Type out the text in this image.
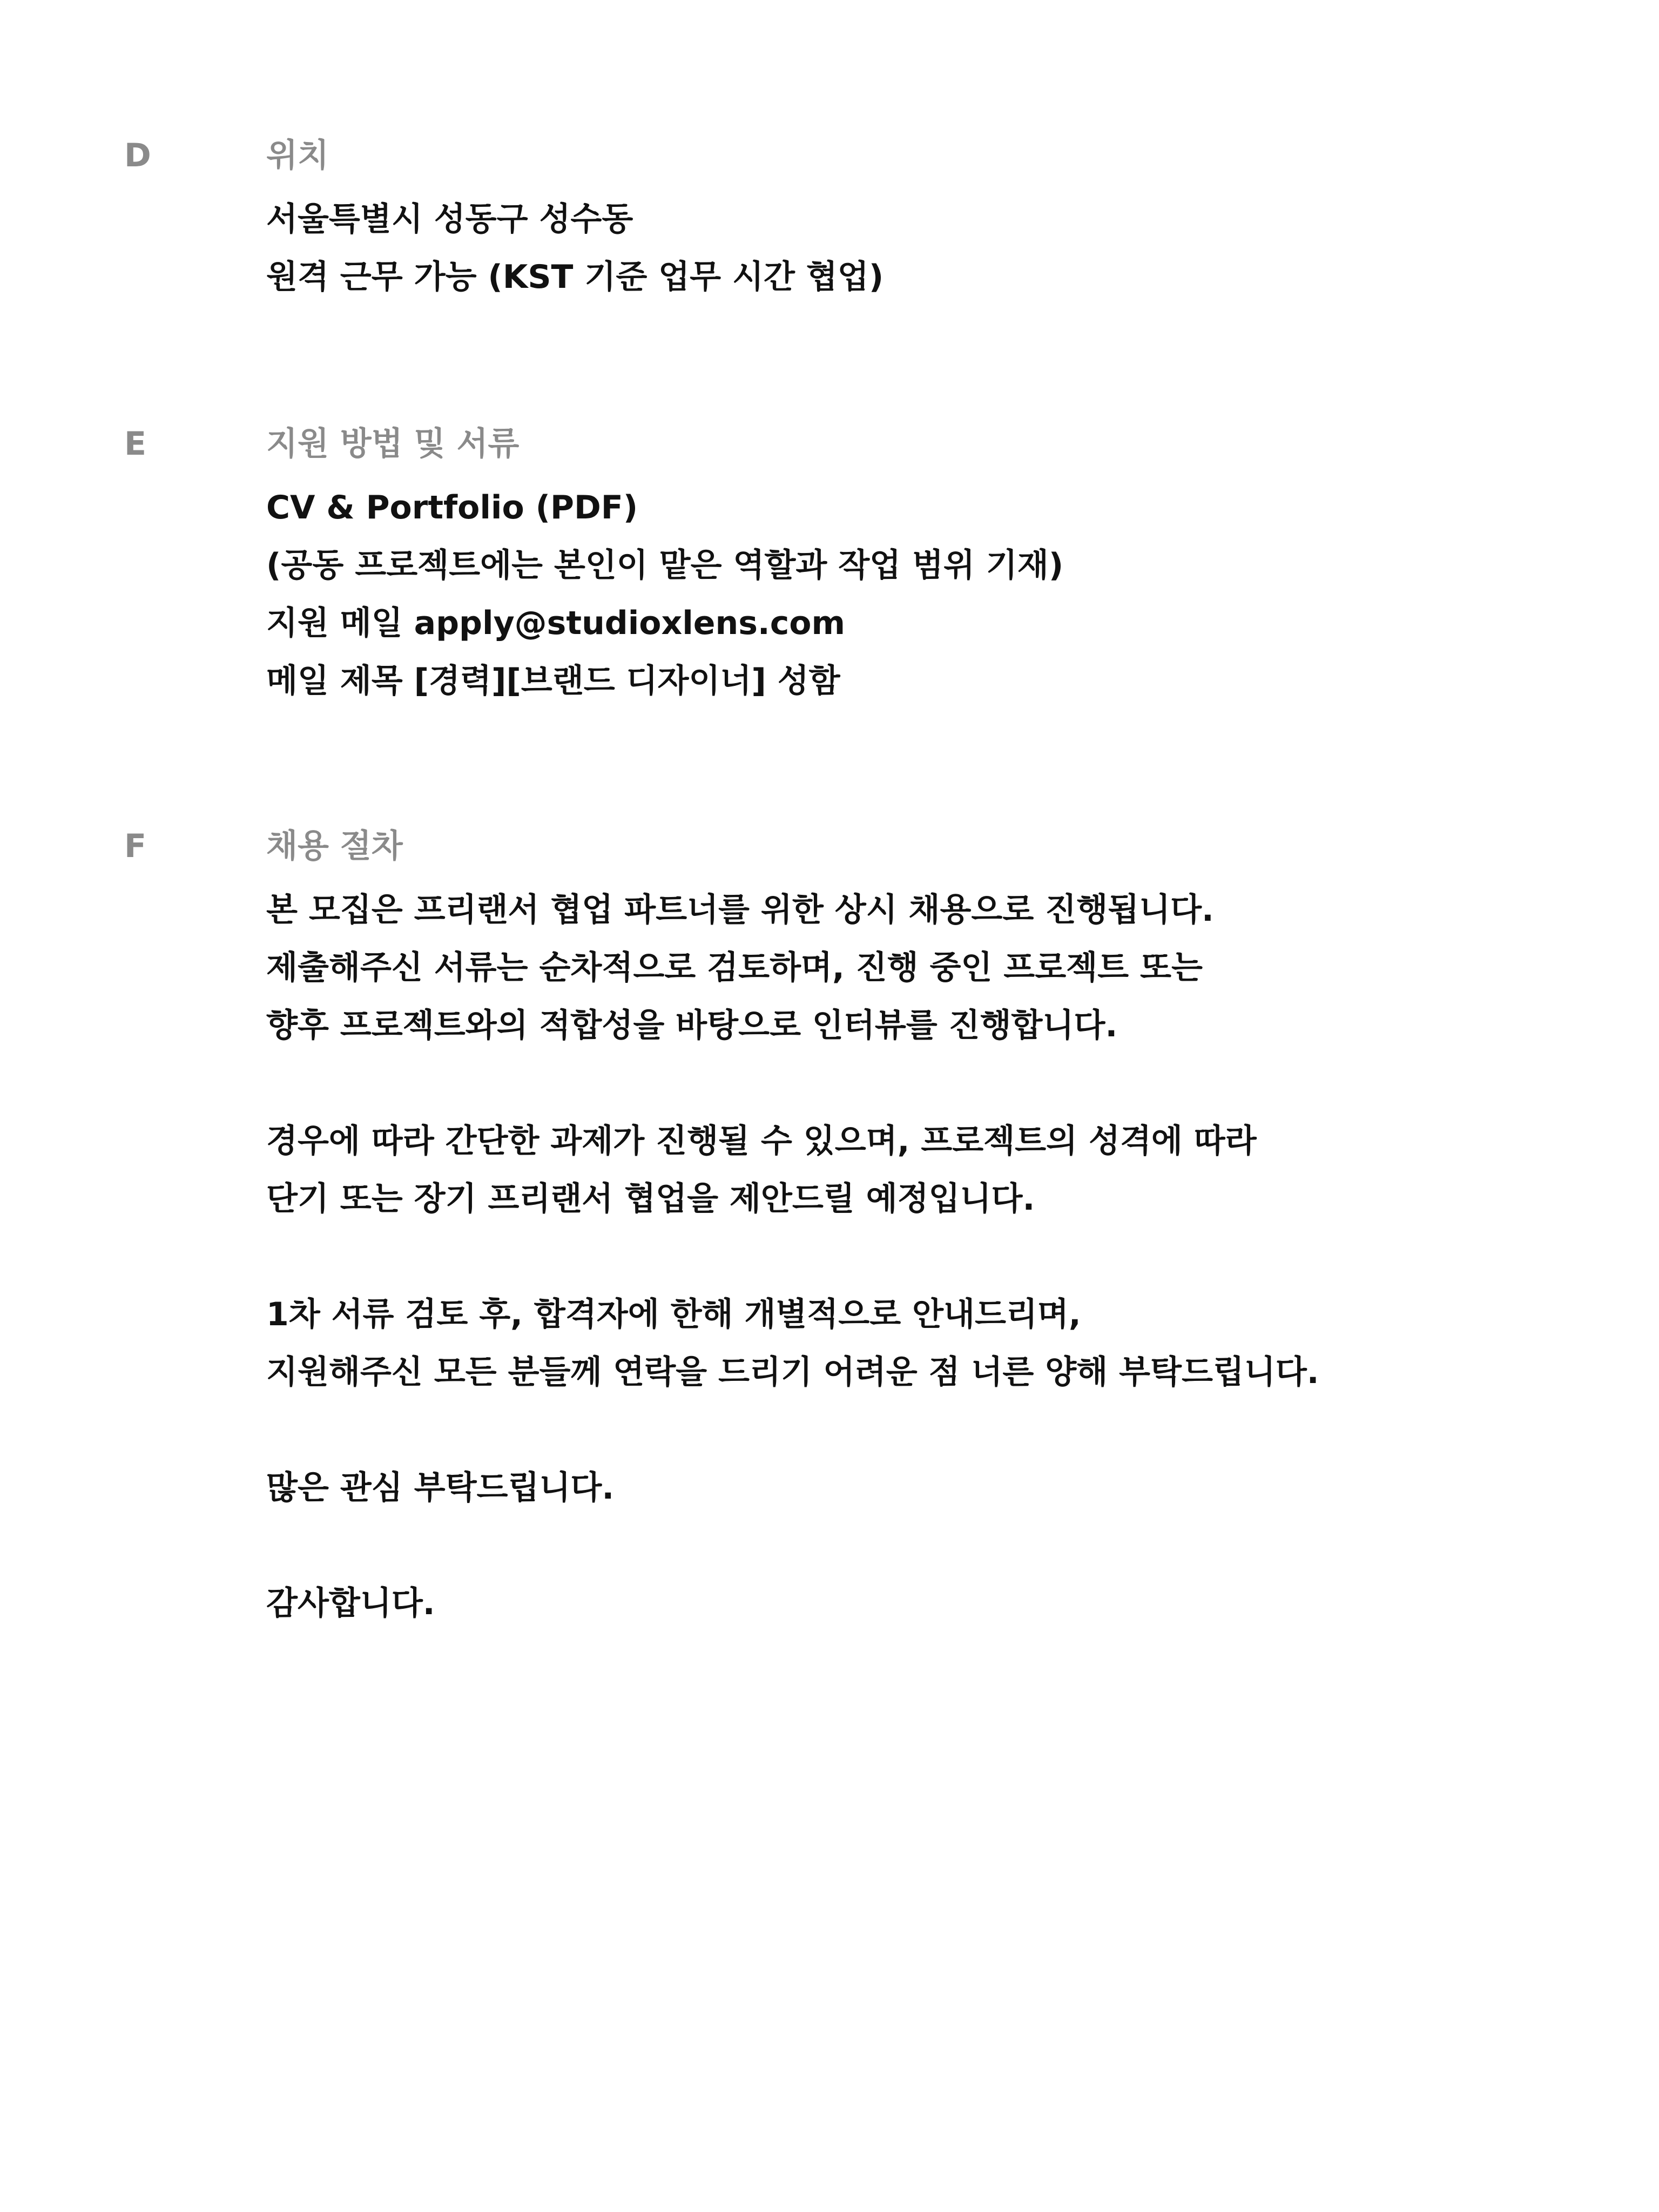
D	위치
서울특별시 성동구 성수동
원격 근무 가능 (KST 기준 업무 시간 협업)
E	지원 방법 및 서류
CV & Portfolio (PDF)
(공동 프로젝트에는 본인이 맡은 역할과 작업 범위 기재)
지원 메일 apply@studioxlens.com
메일 제목 [경력][브랜드 디자이너] 성함
F	채용 절차
본 모집은 프리랜서 협업 파트너를 위한 상시 채용으로 진행됩니다.
제출해주신 서류는 순차적으로 검토하며, 진행 중인 프로젝트 또는
향후 프로젝트와의 적합성을 바탕으로 인터뷰를 진행합니다.
경우에 따라 간단한 과제가 진행될 수 있으며, 프로젝트의 성격에 따라
단기 또는 장기 프리랜서 협업을 제안드릴 예정입니다.
1차 서류 검토 후, 합격자에 한해 개별적으로 안내드리며,
지원해주신 모든 분들께 연락을 드리기 어려운 점 너른 양해 부탁드립니다.
많은 관심 부탁드립니다.
감사합니다.
